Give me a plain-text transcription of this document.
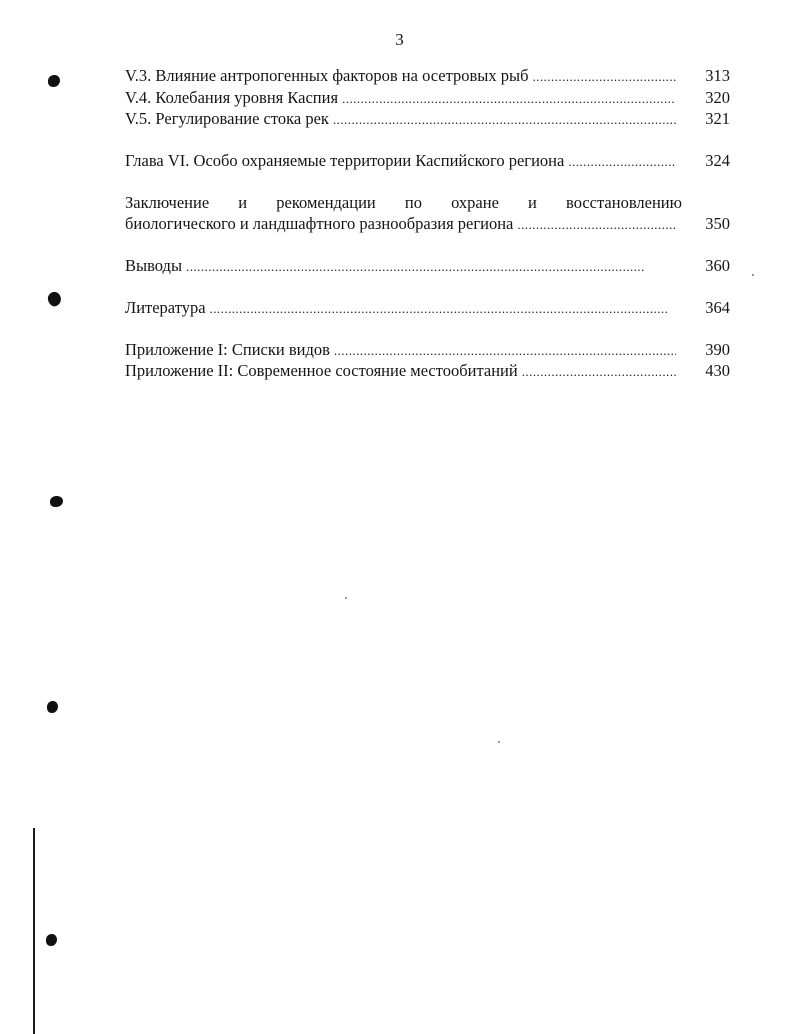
3
V.3. Влияние антропогенных факторов на осетровых рыб . . .	313
V.4. Колебания уровня Каспия . . .	320
V.5. Регулирование стока рек . . .	321
Глава VI. Особо охраняемые территории Каспийского региона . . .	324
Заключение и рекомендации по охране и восстановлению
биологического и ландшафтного разнообразия региона . . .	350
Выводы . . .	360
Литература . . .	364
Приложение I: Списки видов . . .	390
Приложение II: Современное состояние местообитаний . . .	430
